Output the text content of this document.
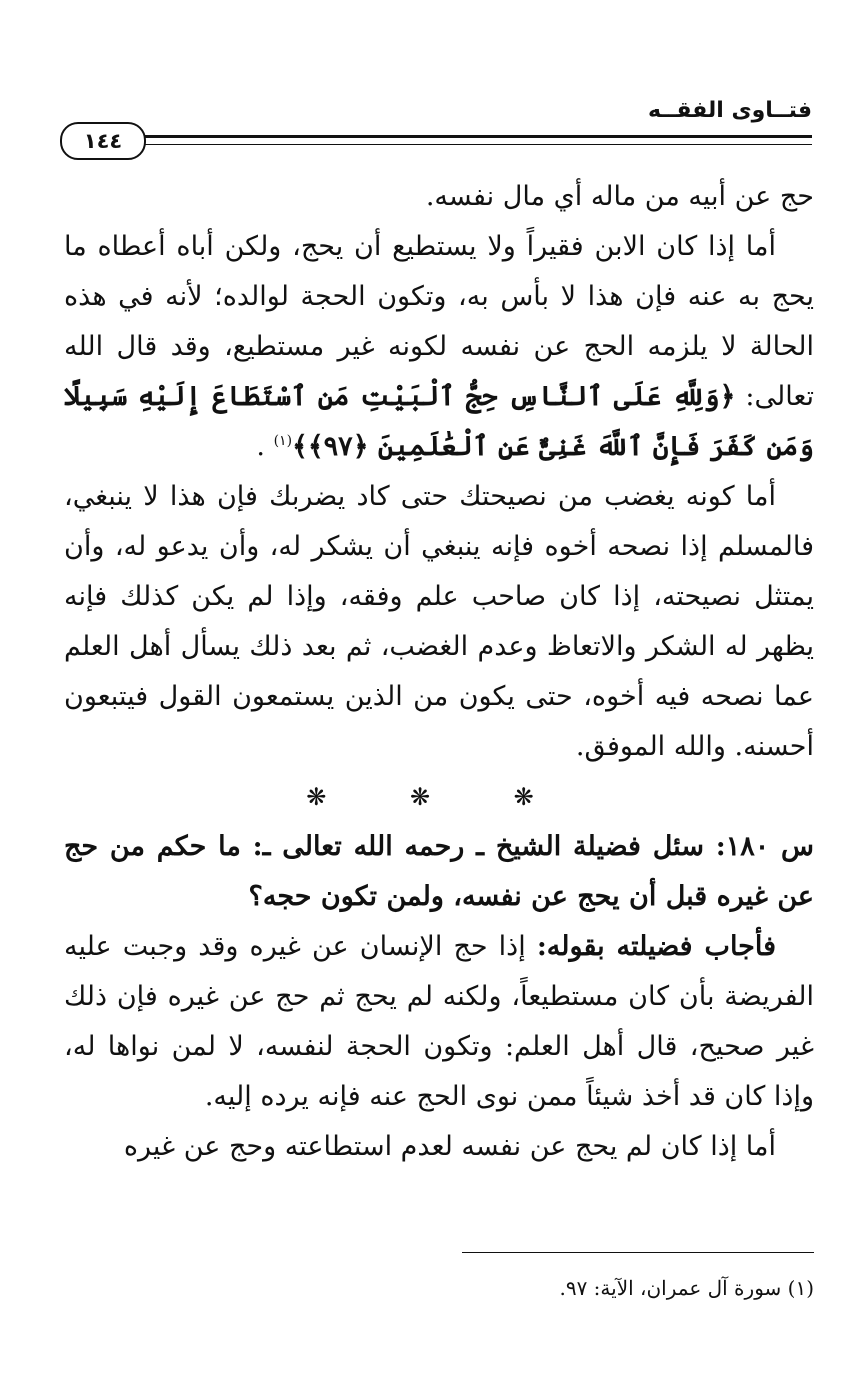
فتــاوى الفقــه
١٤٤

حج عن أبيه من ماله أي مال نفسه.

أما إذا كان الابن فقيراً ولا يستطيع أن يحج، ولكن أباه أعطاه ما يحج به عنه فإن هذا لا بأس به، وتكون الحجة لوالده؛ لأنه في هذه الحالة لا يلزمه الحج عن نفسه لكونه غير مستطيع، وقد قال الله تعالى: ﴿وَلِلَّهِ عَلَى ٱلنَّاسِ حِجُّ ٱلْبَيْتِ مَنِ ٱسْتَطَاعَ إِلَيْهِ سَبِيلًا وَمَن كَفَرَ فَإِنَّ ٱللَّهَ غَنِىٌّ عَنِ ٱلْعَٰلَمِينَ ﴿٩٧﴾﴾$^{(١)}$ .

أما كونه يغضب من نصيحتك حتى كاد يضربك فإن هذا لا ينبغي، فالمسلم إذا نصحه أخوه فإنه ينبغي أن يشكر له، وأن يدعو له، وأن يمتثل نصيحته، إذا كان صاحب علم وفقه، وإذا لم يكن كذلك فإنه يظهر له الشكر والاتعاظ وعدم الغضب، ثم بعد ذلك يسأل أهل العلم عما نصحه فيه أخوه، حتى يكون من الذين يستمعون القول فيتبعون أحسنه. والله الموفق.

❋ ❋ ❋

س ١٨٠: سئل فضيلة الشيخ ـ رحمه الله تعالى ـ: ما حكم من حج عن غيره قبل أن يحج عن نفسه، ولمن تكون حجه؟

فأجاب فضيلته بقوله: إذا حج الإنسان عن غيره وقد وجبت عليه الفريضة بأن كان مستطيعاً، ولكنه لم يحج ثم حج عن غيره فإن ذلك غير صحيح، قال أهل العلم: وتكون الحجة لنفسه، لا لمن نواها له، وإذا كان قد أخذ شيئاً ممن نوى الحج عنه فإنه يرده إليه.

أما إذا كان لم يحج عن نفسه لعدم استطاعته وحج عن غيره

(١) سورة آل عمران، الآية: ٩٧.
